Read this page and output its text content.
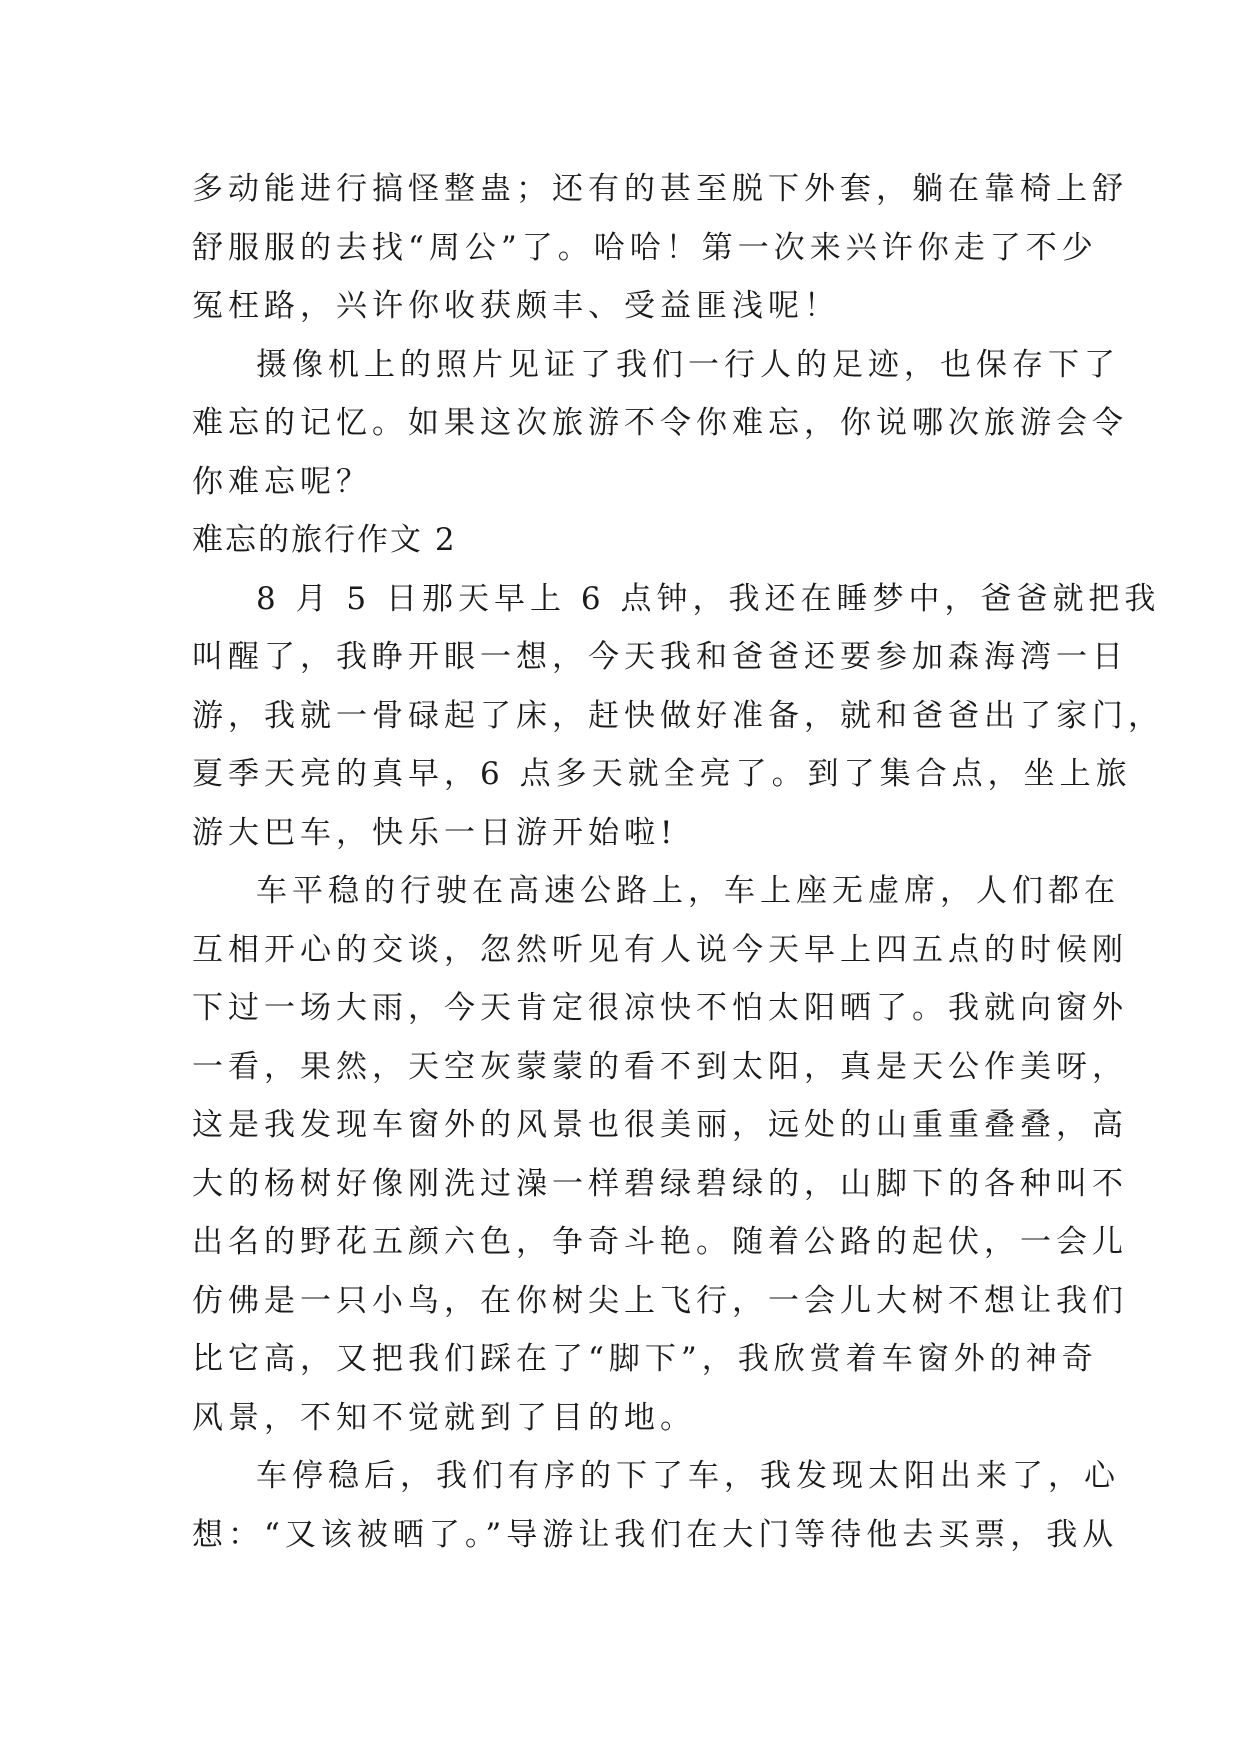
多动能进行搞怪整蛊；还有的甚至脱下外套，躺在靠椅上舒
舒服服的去找“周公”了。哈哈！第一次来兴许你走了不少
冤枉路，兴许你收获颇丰、受益匪浅呢！
摄像机上的照片见证了我们一行人的足迹，也保存下了
难忘的记忆。如果这次旅游不令你难忘，你说哪次旅游会令
你难忘呢？
难忘的旅行作文 2
8 月 5 日那天早上 6 点钟，我还在睡梦中，爸爸就把我
叫醒了，我睁开眼一想，今天我和爸爸还要参加森海湾一日
游，我就一骨碌起了床，赶快做好准备，就和爸爸出了家门，
夏季天亮的真早，6 点多天就全亮了。到了集合点，坐上旅
游大巴车，快乐一日游开始啦!
车平稳的行驶在高速公路上，车上座无虚席，人们都在
互相开心的交谈，忽然听见有人说今天早上四五点的时候刚
下过一场大雨，今天肯定很凉快不怕太阳晒了。我就向窗外
一看，果然，天空灰蒙蒙的看不到太阳，真是天公作美呀，
这是我发现车窗外的风景也很美丽，远处的山重重叠叠，高
大的杨树好像刚洗过澡一样碧绿碧绿的，山脚下的各种叫不
出名的野花五颜六色，争奇斗艳。随着公路的起伏，一会儿
仿佛是一只小鸟，在你树尖上飞行，一会儿大树不想让我们
比它高，又把我们踩在了“脚下”，我欣赏着车窗外的神奇
风景，不知不觉就到了目的地。
车停稳后，我们有序的下了车，我发现太阳出来了，心
想：“又该被晒了。”导游让我们在大门等待他去买票，我从
